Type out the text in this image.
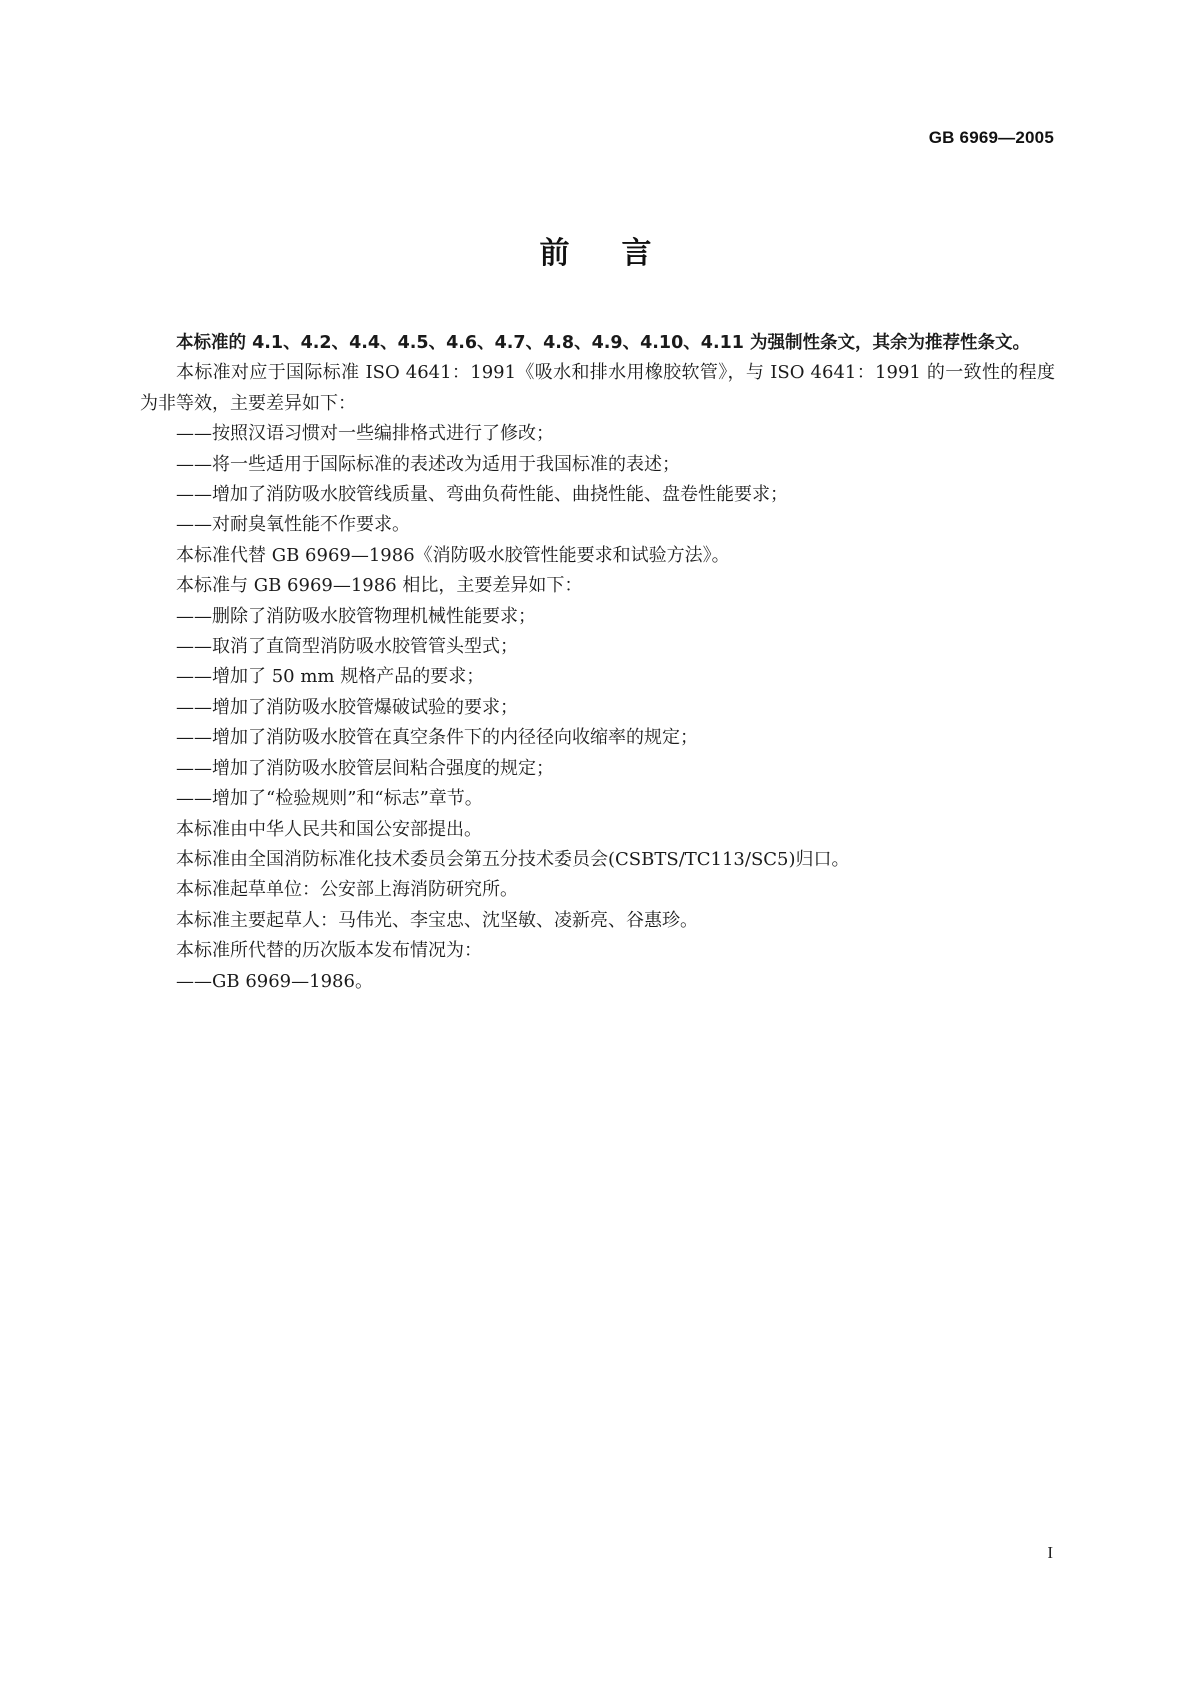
GB 6969—2005
前言

本标准的 4.1、4.2、4.4、4.5、4.6、4.7、4.8、4.9、4.10、4.11 为强制性条文，其余为推荐性条文。

本标准对应于国际标准 ISO 4641：1991《吸水和排水用橡胶软管》，与 ISO 4641：1991 的一致性的程度为非等效，主要差异如下：

——按照汉语习惯对一些编排格式进行了修改；

——将一些适用于国际标准的表述改为适用于我国标准的表述；

——增加了消防吸水胶管线质量、弯曲负荷性能、曲挠性能、盘卷性能要求；

——对耐臭氧性能不作要求。

本标准代替 GB 6969—1986《消防吸水胶管性能要求和试验方法》。

本标准与 GB 6969—1986 相比，主要差异如下：

——删除了消防吸水胶管物理机械性能要求；

——取消了直筒型消防吸水胶管管头型式；

——增加了 50 mm 规格产品的要求；

——增加了消防吸水胶管爆破试验的要求；

——增加了消防吸水胶管在真空条件下的内径径向收缩率的规定；

——增加了消防吸水胶管层间粘合强度的规定；

——增加了“检验规则”和“标志”章节。

本标准由中华人民共和国公安部提出。

本标准由全国消防标准化技术委员会第五分技术委员会(CSBTS/TC113/SC5)归口。

本标准起草单位：公安部上海消防研究所。

本标准主要起草人：马伟光、李宝忠、沈坚敏、凌新亮、谷惠珍。

本标准所代替的历次版本发布情况为：

——GB 6969—1986。

I
